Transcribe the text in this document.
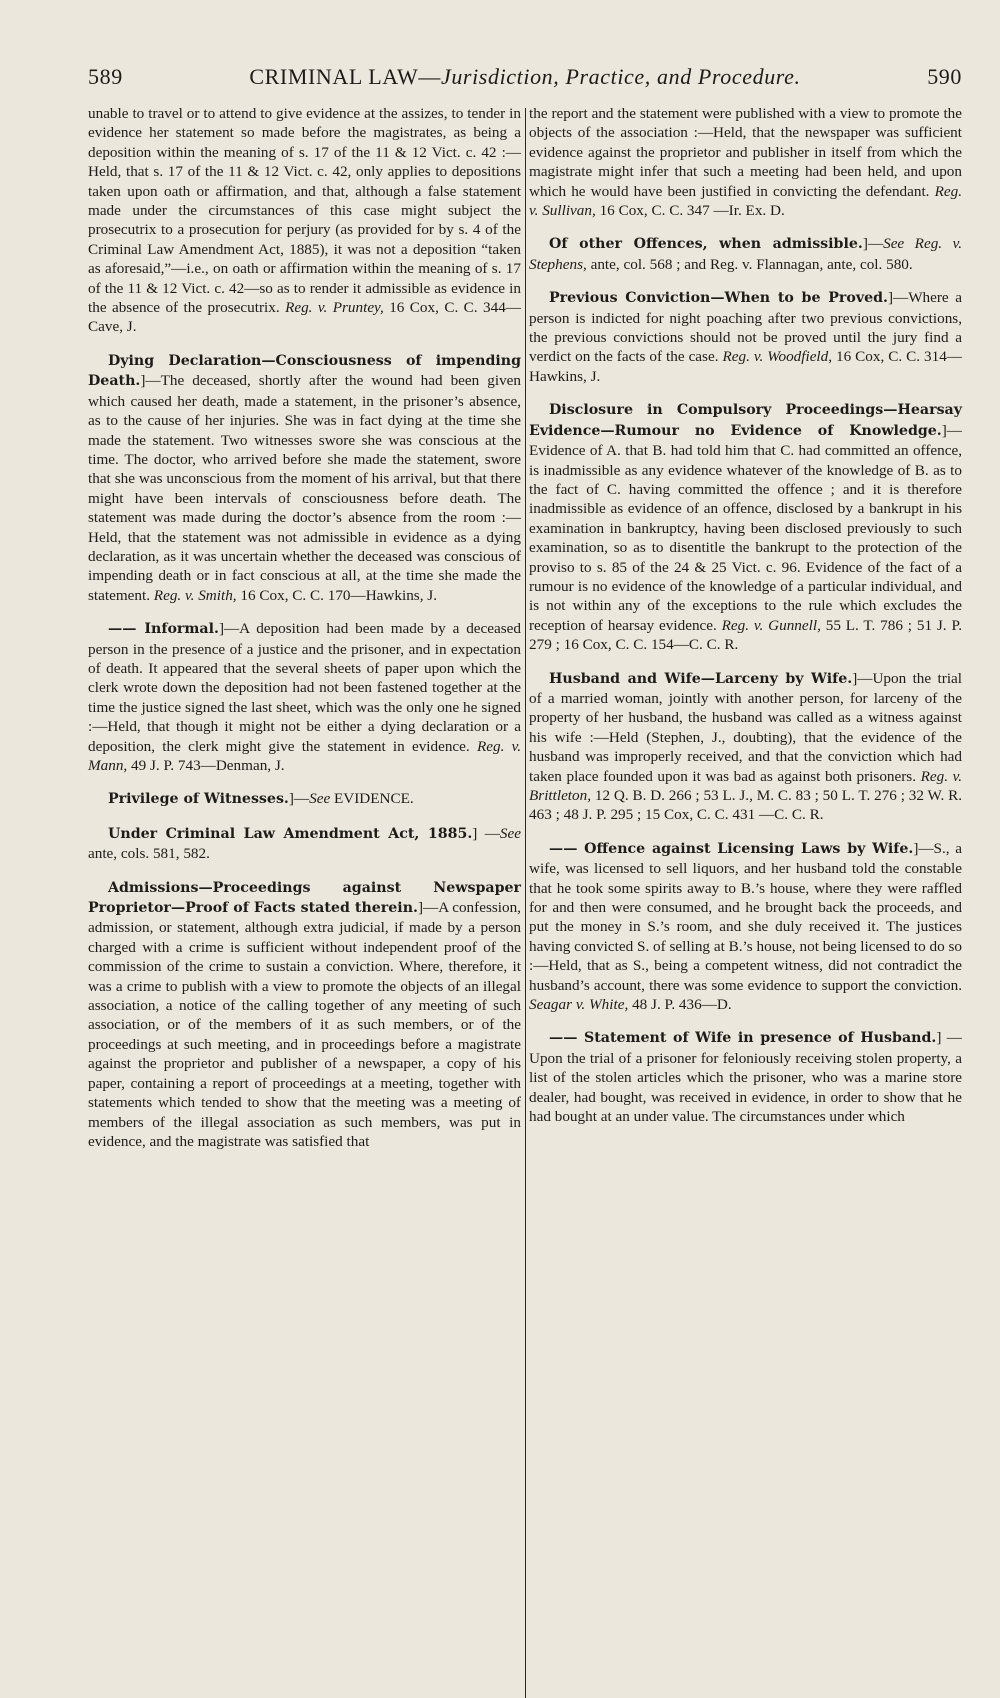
589	CRIMINAL LAW—Jurisdiction, Practice, and Procedure.	590

unable to travel or to attend to give evidence at the assizes, to tender in evidence her statement so made before the magistrates, as being a deposition within the meaning of s. 17 of the 11 & 12 Vict. c. 42 :—Held, that s. 17 of the 11 & 12 Vict. c. 42, only applies to depositions taken upon oath or affirmation, and that, although a false statement made under the circumstances of this case might subject the prosecutrix to a prosecution for perjury (as provided for by s. 4 of the Criminal Law Amendment Act, 1885), it was not a deposition “taken as aforesaid,”—i.e., on oath or affirmation within the meaning of s. 17 of the 11 & 12 Vict. c. 42—so as to render it admissible as evidence in the absence of the prosecutrix. Reg. v. Pruntey, 16 Cox, C. C. 344—Cave, J.

Dying Declaration—Consciousness of impending Death.]—The deceased, shortly after the wound had been given which caused her death, made a statement, in the prisoner’s absence, as to the cause of her injuries. She was in fact dying at the time she made the statement. Two witnesses swore she was conscious at the time. The doctor, who arrived before she made the statement, swore that she was unconscious from the moment of his arrival, but that there might have been intervals of consciousness before death. The statement was made during the doctor’s absence from the room :—Held, that the statement was not admissible in evidence as a dying declaration, as it was uncertain whether the deceased was conscious of impending death or in fact conscious at all, at the time she made the statement. Reg. v. Smith, 16 Cox, C. C. 170—Hawkins, J.

—— Informal.]—A deposition had been made by a deceased person in the presence of a justice and the prisoner, and in expectation of death. It appeared that the several sheets of paper upon which the clerk wrote down the deposition had not been fastened together at the time the justice signed the last sheet, which was the only one he signed :—Held, that though it might not be either a dying declaration or a deposition, the clerk might give the statement in evidence. Reg. v. Mann, 49 J. P. 743—Denman, J.

Privilege of Witnesses.]—See EVIDENCE.

Under Criminal Law Amendment Act, 1885.] —See ante, cols. 581, 582.

Admissions—Proceedings against Newspaper Proprietor—Proof of Facts stated therein.]—A confession, admission, or statement, although extra judicial, if made by a person charged with a crime is sufficient without independent proof of the commission of the crime to sustain a conviction. Where, therefore, it was a crime to publish with a view to promote the objects of an illegal association, a notice of the calling together of any meeting of such association, or of the members of it as such members, or of the proceedings at such meeting, and in proceedings before a magistrate against the proprietor and publisher of a newspaper, a copy of his paper, containing a report of proceedings at a meeting, together with statements which tended to show that the meeting was a meeting of members of the illegal association as such members, was put in evidence, and the magistrate was satisfied that

the report and the statement were published with a view to promote the objects of the association :—Held, that the newspaper was sufficient evidence against the proprietor and publisher in itself from which the magistrate might infer that such a meeting had been held, and upon which he would have been justified in convicting the defendant. Reg. v. Sullivan, 16 Cox, C. C. 347 —Ir. Ex. D.

Of other Offences, when admissible.]—See Reg. v. Stephens, ante, col. 568 ; and Reg. v. Flannagan, ante, col. 580.

Previous Conviction—When to be Proved.]—Where a person is indicted for night poaching after two previous convictions, the previous convictions should not be proved until the jury find a verdict on the facts of the case. Reg. v. Woodfield, 16 Cox, C. C. 314—Hawkins, J.

Disclosure in Compulsory Proceedings—Hearsay Evidence—Rumour no Evidence of Knowledge.]—Evidence of A. that B. had told him that C. had committed an offence, is inadmissible as any evidence whatever of the knowledge of B. as to the fact of C. having committed the offence ; and it is therefore inadmissible as evidence of an offence, disclosed by a bankrupt in his examination in bankruptcy, having been disclosed previously to such examination, so as to disentitle the bankrupt to the protection of the proviso to s. 85 of the 24 & 25 Vict. c. 96. Evidence of the fact of a rumour is no evidence of the knowledge of a particular individual, and is not within any of the exceptions to the rule which excludes the reception of hearsay evidence. Reg. v. Gunnell, 55 L. T. 786 ; 51 J. P. 279 ; 16 Cox, C. C. 154—C. C. R.

Husband and Wife—Larceny by Wife.]—Upon the trial of a married woman, jointly with another person, for larceny of the property of her husband, the husband was called as a witness against his wife :—Held (Stephen, J., doubting), that the evidence of the husband was improperly received, and that the conviction which had taken place founded upon it was bad as against both prisoners. Reg. v. Brittleton, 12 Q. B. D. 266 ; 53 L. J., M. C. 83 ; 50 L. T. 276 ; 32 W. R. 463 ; 48 J. P. 295 ; 15 Cox, C. C. 431 —C. C. R.

—— Offence against Licensing Laws by Wife.]—S., a wife, was licensed to sell liquors, and her husband told the constable that he took some spirits away to B.’s house, where they were raffled for and then were consumed, and he brought back the proceeds, and put the money in S.’s room, and she duly received it. The justices having convicted S. of selling at B.’s house, not being licensed to do so :—Held, that as S., being a competent witness, did not contradict the husband’s account, there was some evidence to support the conviction. Seagar v. White, 48 J. P. 436—D.

—— Statement of Wife in presence of Husband.] — Upon the trial of a prisoner for feloniously receiving stolen property, a list of the stolen articles which the prisoner, who was a marine store dealer, had bought, was received in evidence, in order to show that he had bought at an under value. The circumstances under which
